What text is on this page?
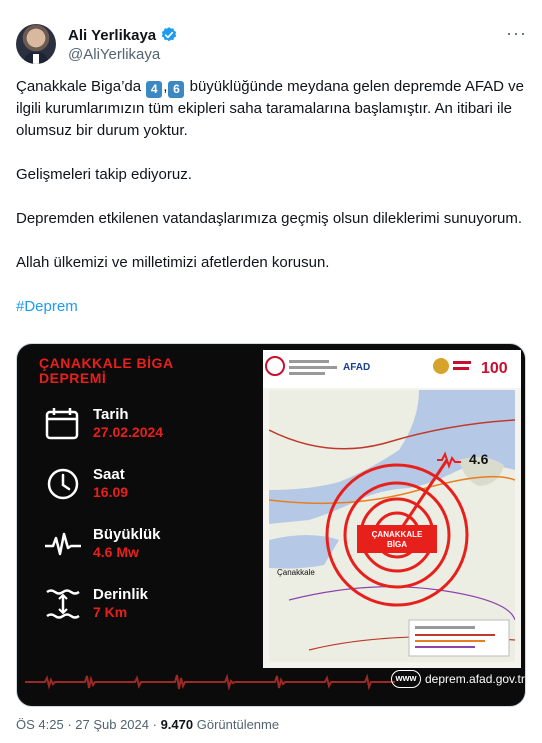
Ali Yerlikaya
@AliYerlikaya
···

Çanakkale Biga’da 4 , 6 büyüklüğünde meydana gelen depremde AFAD ve ilgili kurumlarımızın tüm ekipleri saha taramalarına başlamıştır. An itibari ile olumsuz bir durum yoktur.

Gelişmeleri takip ediyoruz.

Depremden etkilenen vatandaşlarımıza geçmiş olsun dileklerimi sunuyorum.

Allah ülkemizi ve milletimizi afetlerden korusun.

#Deprem

ÇANAKKALE BİGA
DEPREMİ
Tarih
27.02.2024
Saat
16.09
Büyüklük
4.6 Mw
Derinlik
7 Km
AFAD	100
4.6
ÇANAKKALE
BİGA
Çanakkale
www deprem.afad.gov.tr
ÖS 4:25 · 27 Şub 2024 · 9.470 Görüntülenme
